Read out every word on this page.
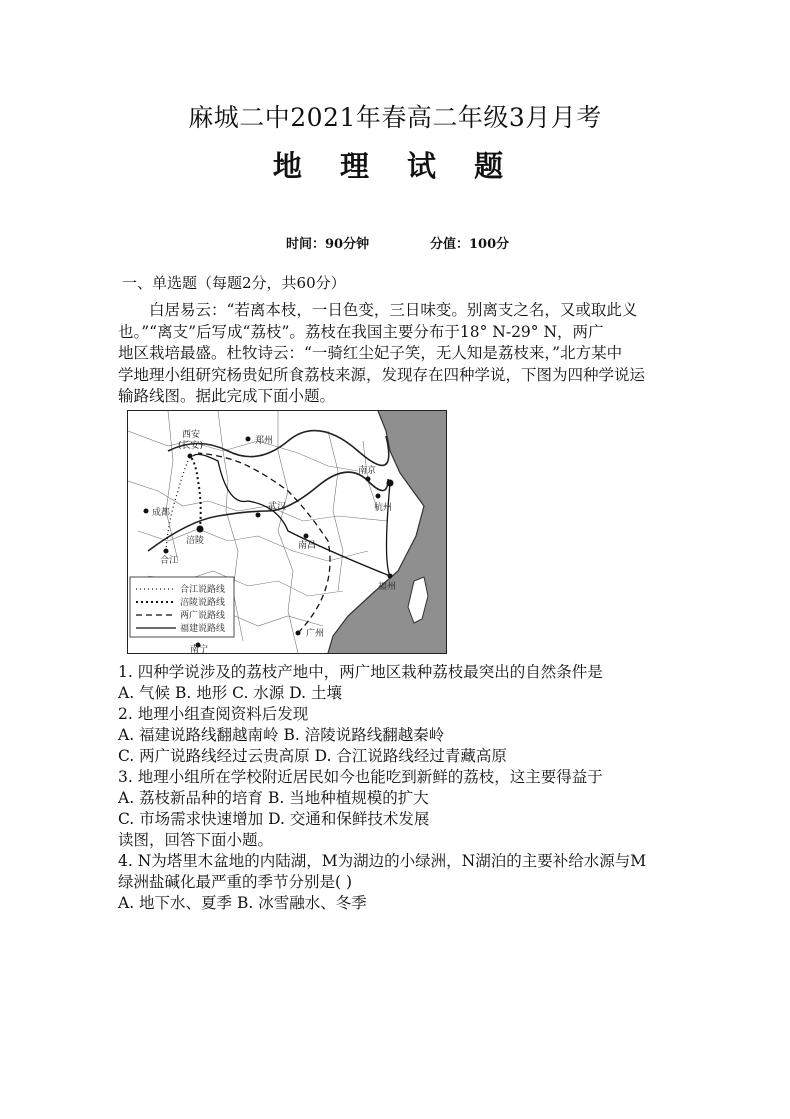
麻城二中2021年春高二年级3月月考
地 理 试 题
时间：90分钟	分值：100分
一、单选题（每题2分，共60分）
白居易云：“若离本枝，一日色变，三日味变。别离支之名，又或取此义
也。”“离支”后写成“荔枝”。荔枝在我国主要分布于18° N-29° N，两广
地区栽培最盛。杜牧诗云：“一骑红尘妃子笑，无人知是荔枝来，”北方某中
学地理小组研究杨贵妃所食荔枝来源，发现存在四种学说，下图为四种学说运
输路线图。据此完成下面小题。
西安
(长安)	郑州
南京
杭州
成都
武汉
涪陵
合江
南昌
福州
广州
南宁
合江说路线
涪陵说路线
两广说路线
福建说路线
1. 四种学说涉及的荔枝产地中，两广地区栽种荔枝最突出的自然条件是
A. 气候 B. 地形 C. 水源 D. 土壤
2. 地理小组查阅资料后发现
A. 福建说路线翻越南岭 B. 涪陵说路线翻越秦岭
C. 两广说路线经过云贵高原 D. 合江说路线经过青藏高原
3. 地理小组所在学校附近居民如今也能吃到新鲜的荔枝，这主要得益于
A. 荔枝新品种的培育 B. 当地种植规模的扩大
C. 市场需求快速增加 D. 交通和保鲜技术发展
读图，回答下面小题。
4. N为塔里木盆地的内陆湖，M为湖边的小绿洲，N湖泊的主要补给水源与M
绿洲盐碱化最严重的季节分别是( )
A. 地下水、夏季 B. 冰雪融水、冬季
